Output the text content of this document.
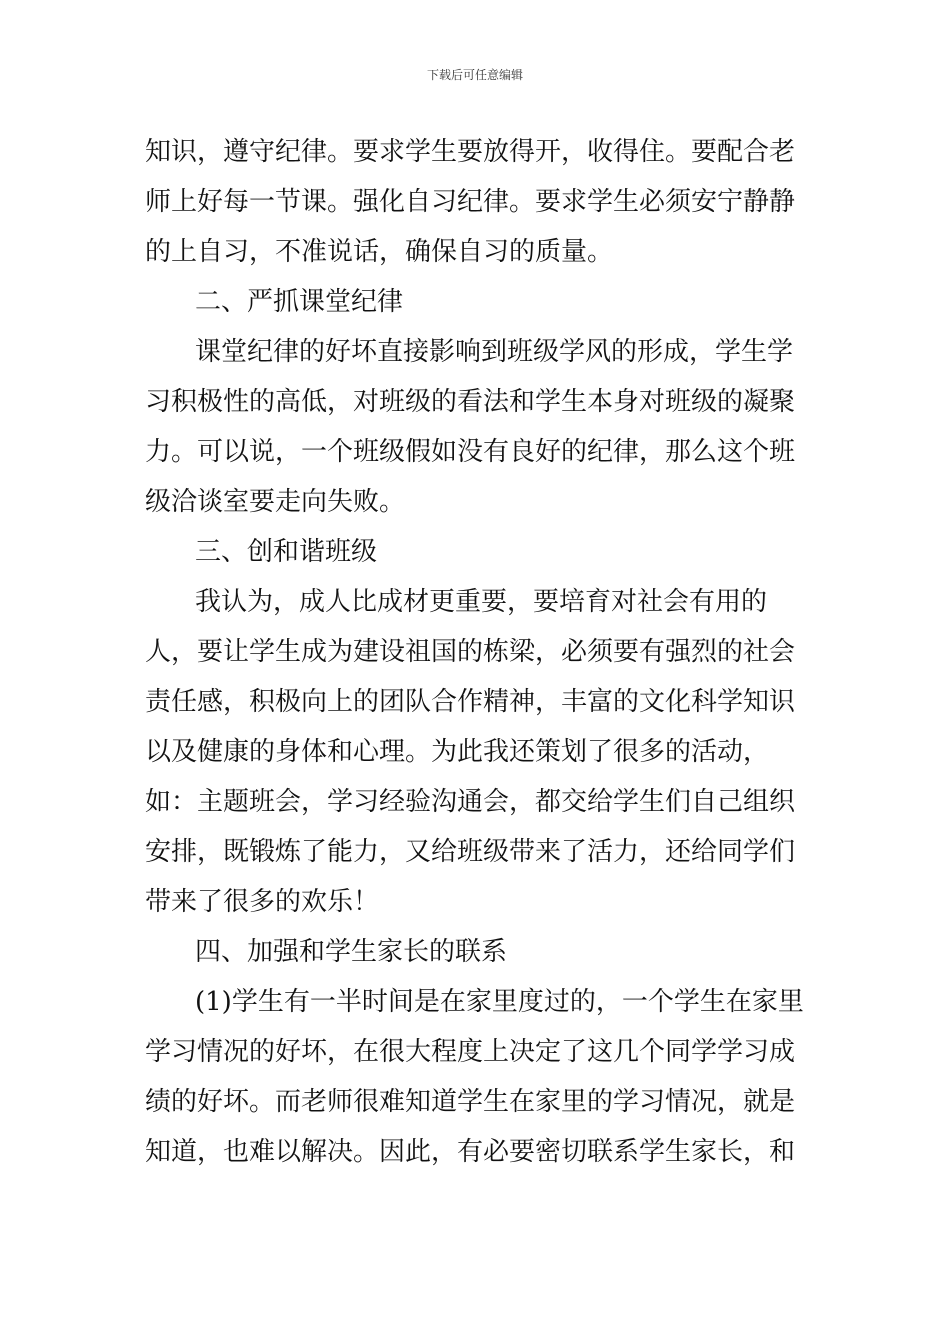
下载后可任意编辑
知识，遵守纪律。要求学生要放得开，收得住。要配合老
师上好每一节课。强化自习纪律。要求学生必须安宁静静
的上自习，不准说话，确保自习的质量。
二、严抓课堂纪律
课堂纪律的好坏直接影响到班级学风的形成，学生学
习积极性的高低，对班级的看法和学生本身对班级的凝聚
力。可以说，一个班级假如没有良好的纪律，那么这个班
级洽谈室要走向失败。
三、创和谐班级
我认为，成人比成材更重要，要培育对社会有用的
人，要让学生成为建设祖国的栋梁，必须要有强烈的社会
责任感，积极向上的团队合作精神，丰富的文化科学知识
以及健康的身体和心理。为此我还策划了很多的活动，
如：主题班会，学习经验沟通会，都交给学生们自己组织
安排，既锻炼了能力，又给班级带来了活力，还给同学们
带来了很多的欢乐！
四、加强和学生家长的联系
(1)学生有一半时间是在家里度过的，一个学生在家里
学习情况的好坏，在很大程度上决定了这几个同学学习成
绩的好坏。而老师很难知道学生在家里的学习情况，就是
知道，也难以解决。因此，有必要密切联系学生家长，和
